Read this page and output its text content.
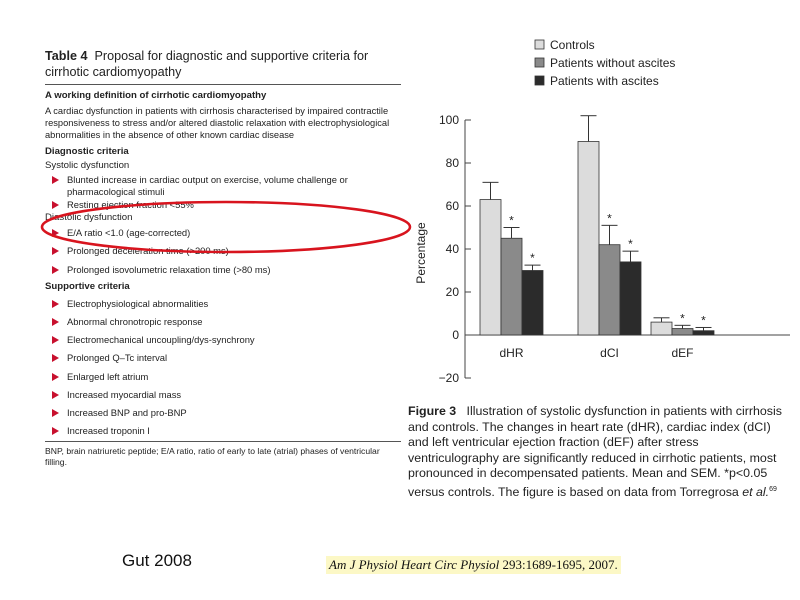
Table 4 Proposal for diagnostic and supportive criteria for cirrhotic cardiomyopathy
A working definition of cirrhotic cardiomyopathy
A cardiac dysfunction in patients with cirrhosis characterised by impaired contractile responsiveness to stress and/or altered diastolic relaxation with electrophysiological abnormalities in the absence of other known cardiac disease
Diagnostic criteria
Systolic dysfunction
Blunted increase in cardiac output on exercise, volume challenge or pharmacological stimuli
Resting ejection fraction <55%
Diastolic dysfunction
E/A ratio <1.0 (age-corrected)
Prolonged deceleration time (>200 ms)
Prolonged isovolumetric relaxation time (>80 ms)
Supportive criteria
Electrophysiological abnormalities
Abnormal chronotropic response
Electromechanical uncoupling/dys-synchrony
Prolonged Q–Tc interval
Enlarged left atrium
Increased myocardial mass
Increased BNP and pro-BNP
Increased troponin I
BNP, brain natriuretic peptide; E/A ratio, ratio of early to late (atrial) phases of ventricular filling.
Gut 2008	Am J Physiol Heart Circ Physiol 293:1689-1695, 2007.
Controls
Patients without ascites
Patients with ascites
100
80
60
40
20
0
−20
*
*
*
*
* *
dHR	dCI	dEF
Percentage
Figure 3 Illustration of systolic dysfunction in patients with cirrhosis and controls. The changes in heart rate (dHR), cardiac index (dCI) and left ventricular ejection fraction (dEF) after stress ventriculography are significantly reduced in cirrhotic patients, most pronounced in decompensated patients. Mean and SEM. *p<0.05 versus controls. The figure is based on data from Torregrosa et al.$^{69}$
